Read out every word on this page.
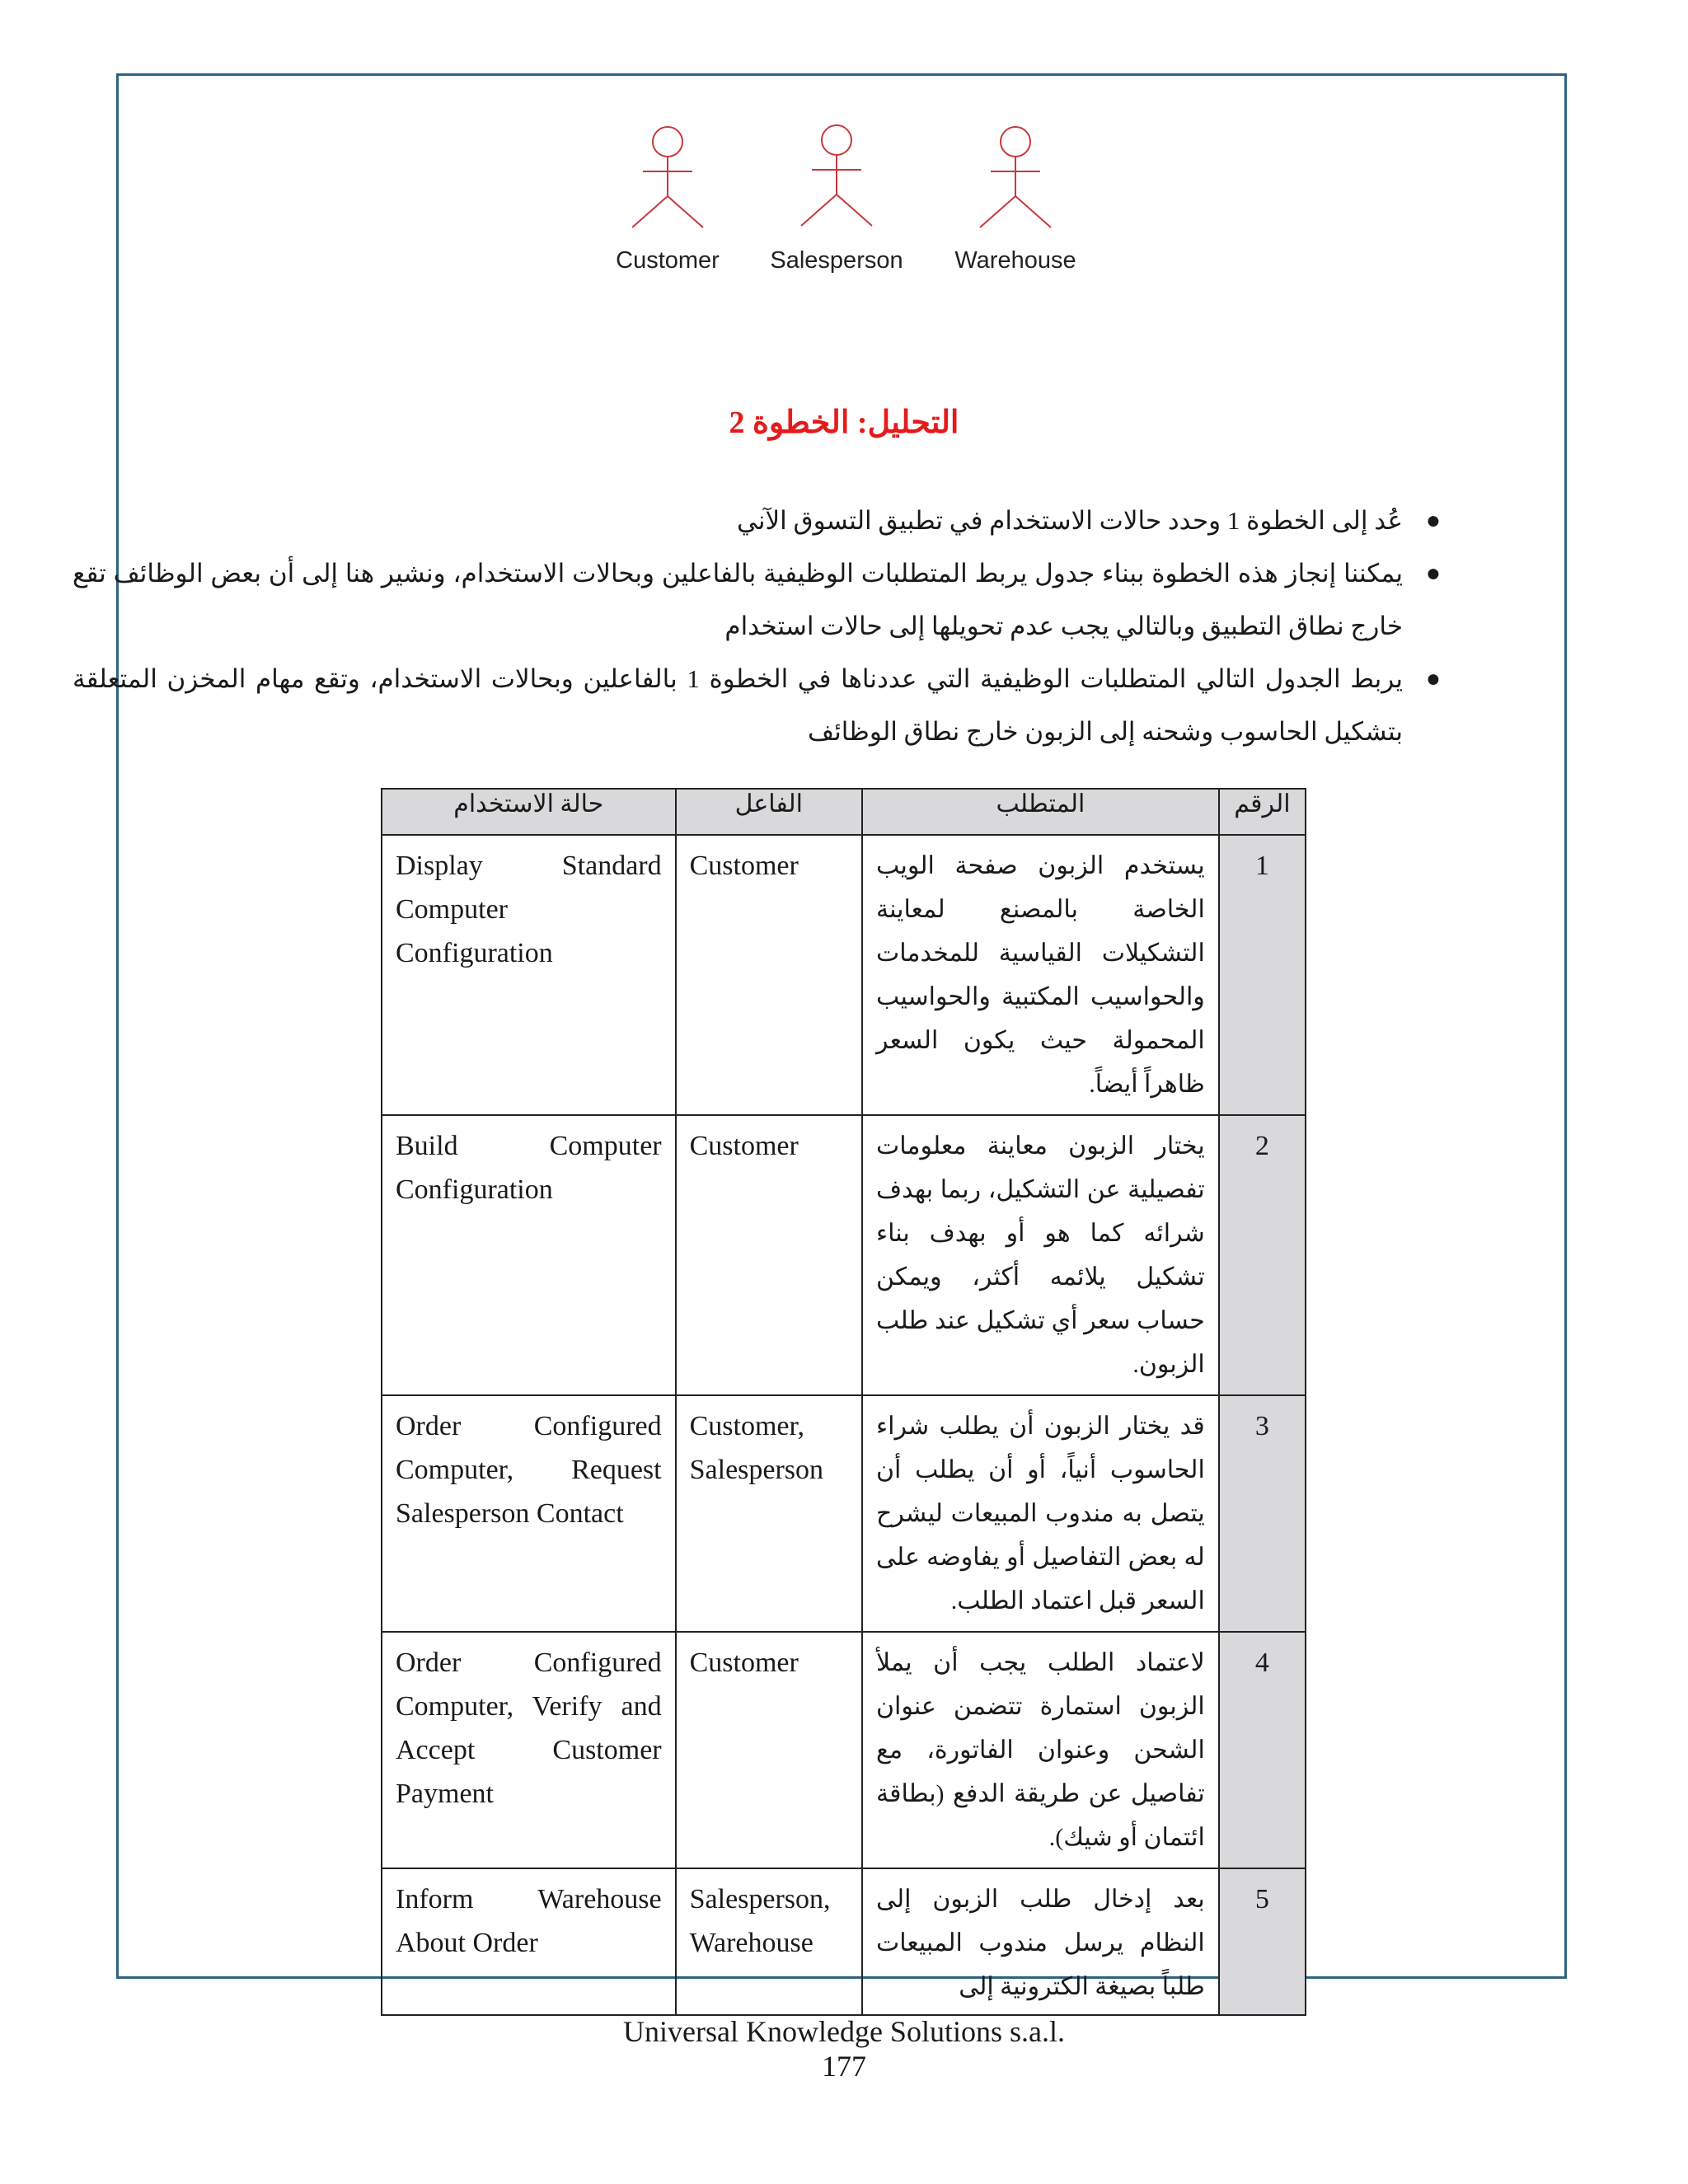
Customer	Salesperson	Warehouse
التحليل: الخطوة 2
●
عُد إلى الخطوة 1 وحدد حالات الاستخدام في تطبيق التسوق الآني
●
يمكننا إنجاز هذه الخطوة ببناء جدول يربط المتطلبات الوظيفية بالفاعلين وبحالات الاستخدام، ونشير هنا إلى أن بعض الوظائف تقع خارج نطاق التطبيق وبالتالي يجب عدم تحويلها إلى حالات استخدام
●
يربط الجدول التالي المتطلبات الوظيفية التي عددناها في الخطوة 1 بالفاعلين وبحالات الاستخدام، وتقع مهام المخزن المتعلقة بتشكيل الحاسوب وشحنه إلى الزبون خارج نطاق الوظائف
حالة الاستخدام	الفاعل	المتطلب	الرقم
Display Standard Computer Configuration	Customer	يستخدم الزبون صفحة الويب الخاصة بالمصنع لمعاينة التشكيلات القياسية للمخدمات والحواسيب المكتبية والحواسيب المحمولة حيث يكون السعر ظاهراً أيضاً.	1
Build Computer Configuration	Customer	يختار الزبون معاينة معلومات تفصيلية عن التشكيل، ربما بهدف شرائه كما هو أو بهدف بناء تشكيل يلائمه أكثر، ويمكن حساب سعر أي تشكيل عند طلب الزبون.	2
Order Configured Computer, Request Salesperson Contact	Customer, Salesperson	قد يختار الزبون أن يطلب شراء الحاسوب أنياً، أو أن يطلب أن يتصل به مندوب المبيعات ليشرح له بعض التفاصيل أو يفاوضه على السعر قبل اعتماد الطلب.	3
Order Configured Computer, Verify and Accept Customer Payment	Customer	لاعتماد الطلب يجب أن يملأ الزبون استمارة تتضمن عنوان الشحن وعنوان الفاتورة، مع تفاصيل عن طريقة الدفع (بطاقة ائتمان أو شيك).	4
Inform Warehouse About Order	Salesperson, Warehouse	بعد إدخال طلب الزبون إلى النظام يرسل مندوب المبيعات طلباً بصيغة الكترونية إلى	5
Universal Knowledge Solutions s.a.l.
177
